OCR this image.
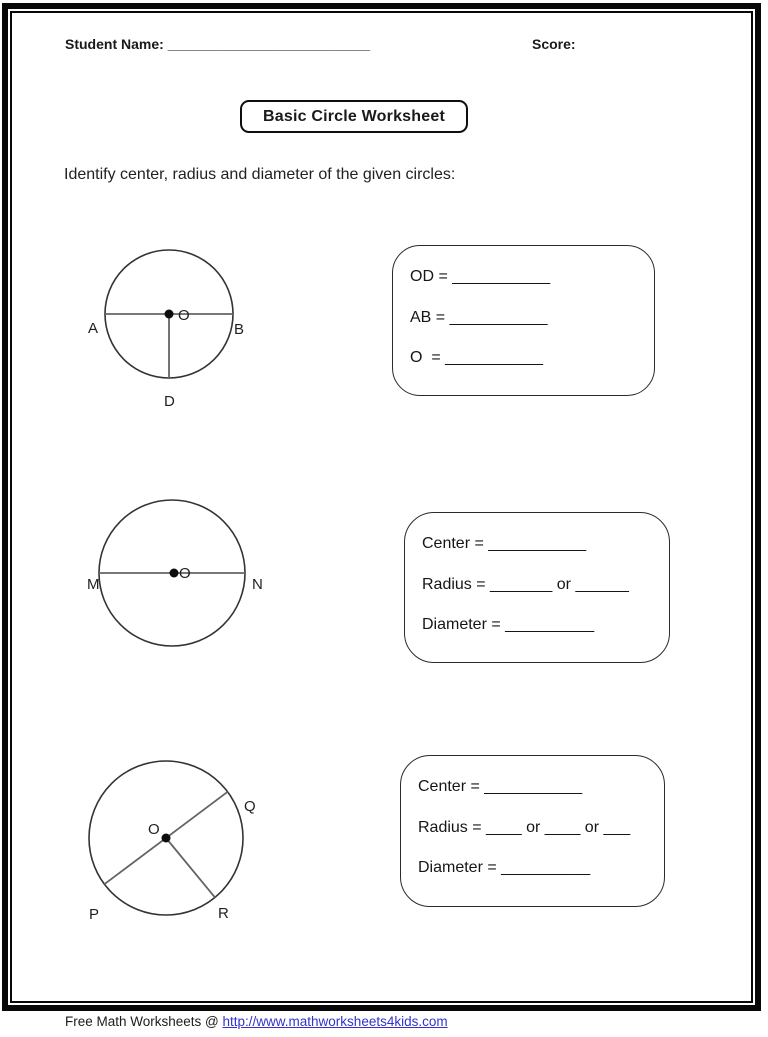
Student Name: __________________________	Score:
Basic Circle Worksheet
Identify center, radius and diameter of the given circles:
O
A	B
D
OD = ___________
AB = ___________
O  = ___________
O
M	N
Center = ___________
Radius = _______ or ______
Diameter = __________
O
Q
P	R
Center = ___________
Radius = ____ or ____ or ___
Diameter = __________
Free Math Worksheets @ http://www.mathworksheets4kids.com
